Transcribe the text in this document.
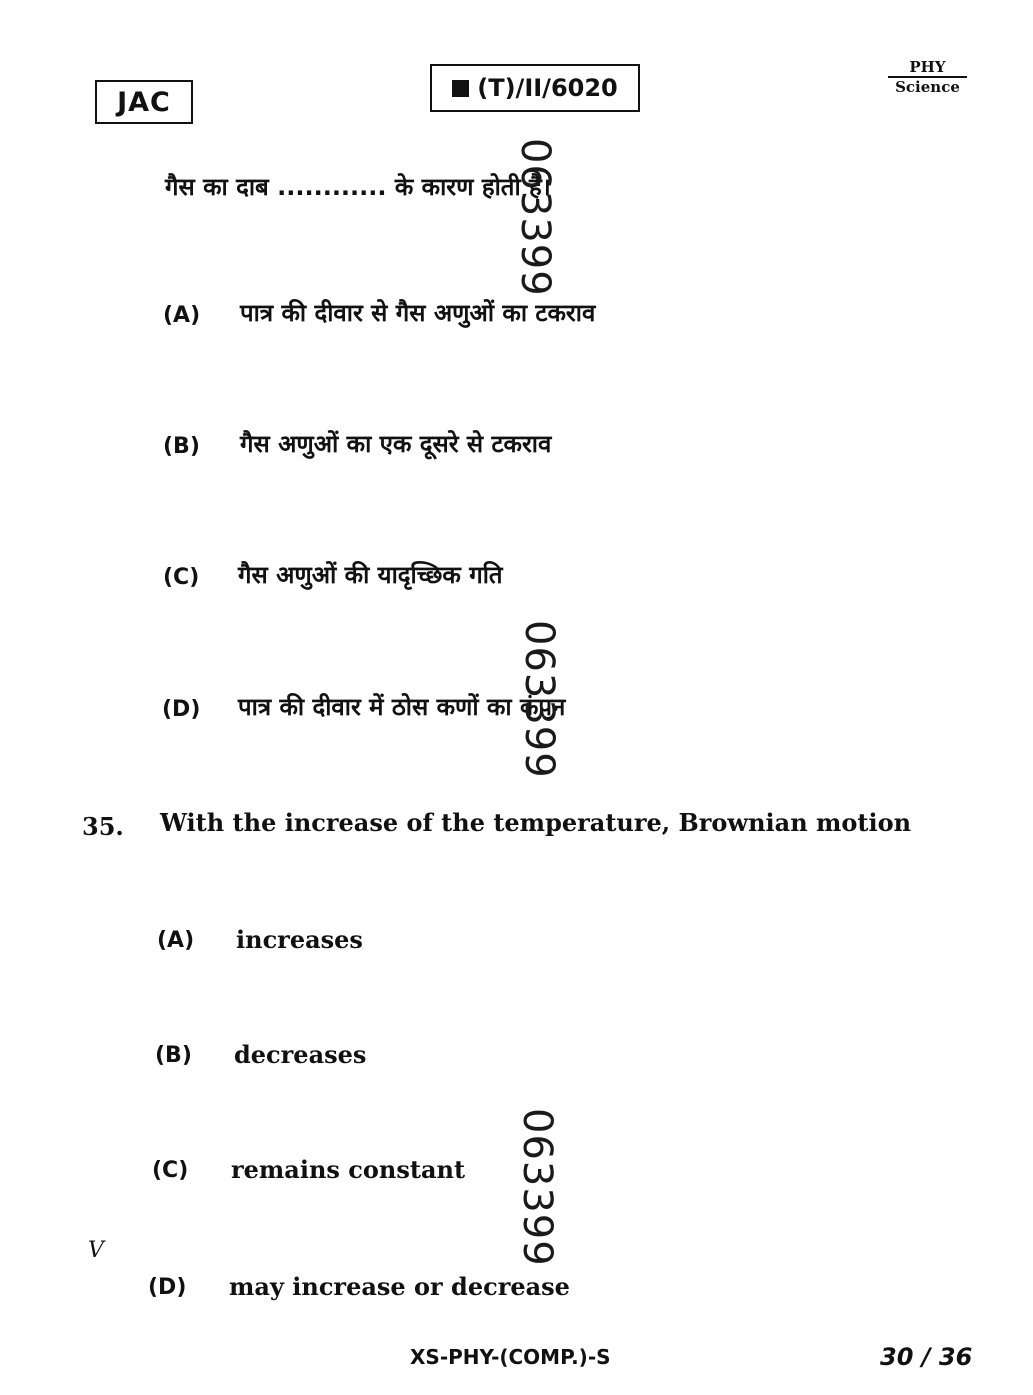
JAC	(T)/II/6020
PHY
Science
गैस का दाब ............ के कारण होती है।
(A) पात्र की दीवार से गैस अणुओं का टकराव
(B) गैस अणुओं का एक दूसरे से टकराव
(C) गैस अणुओं की यादृच्छिक गति
(D) पात्र की दीवार में ठोस कणों का कंपन
35. With the increase of the temperature, Brownian motion
(A) increases
(B) decreases
(C) remains constant
(D) may increase or decrease
063399
063399
063399
V
XS-PHY-(COMP.)-S	30 / 36
